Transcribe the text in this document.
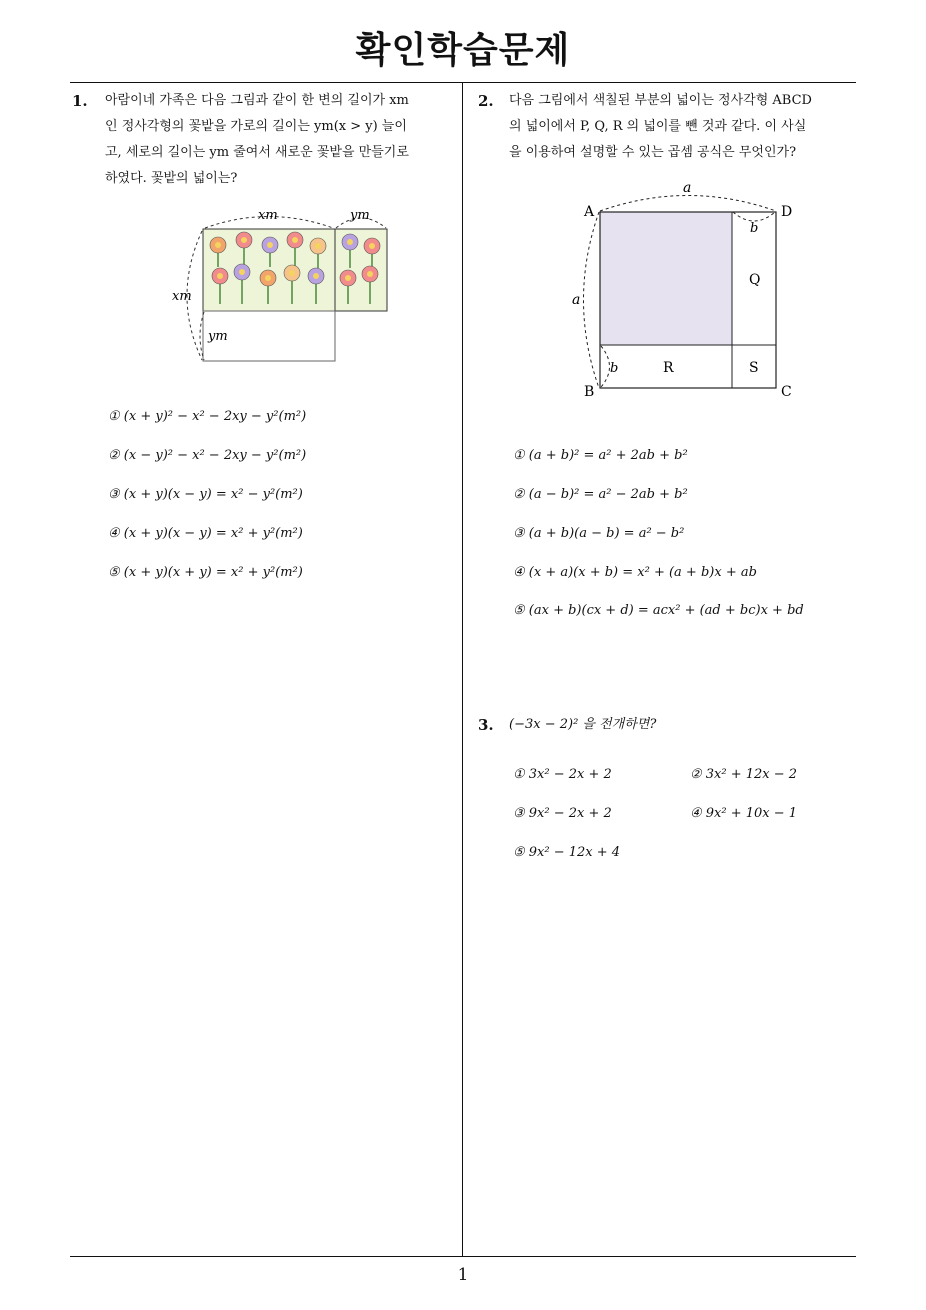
확인학습문제
1
1. 아람이네 가족은 다음 그림과 같이 한 변의 길이가 xm
인 정사각형의 꽃밭을 가로의 길이는 ym(x > y) 늘이
고, 세로의 길이는 ym 줄여서 새로운 꽃밭을 만들기로
하였다. 꽃밭의 넓이는?
xm	ym
xm
ym
① (x + y)² − x² − 2xy − y²(m²)
② (x − y)² − x² − 2xy − y²(m²)
③ (x + y)(x − y) = x² − y²(m²)
④ (x + y)(x − y) = x² + y²(m²)
⑤ (x + y)(x + y) = x² + y²(m²)
2. 다음 그림에서 색칠된 부분의 넓이는 정사각형 ABCD
의 넓이에서 P, Q, R 의 넓이를 뺀 것과 같다. 이 사실
을 이용하여 설명할 수 있는 곱셈 공식은 무엇인가?
A	D
B	C
a
a
b
b
Q
R	S
① (a + b)² = a² + 2ab + b²
② (a − b)² = a² − 2ab + b²
③ (a + b)(a − b) = a² − b²
④ (x + a)(x + b) = x² + (a + b)x + ab
⑤ (ax + b)(cx + d) = acx² + (ad + bc)x + bd
3. (−3x − 2)² 을 전개하면?
① 3x² − 2x + 2	② 3x² + 12x − 2
③ 9x² − 2x + 2	④ 9x² + 10x − 1
⑤ 9x² − 12x + 4
